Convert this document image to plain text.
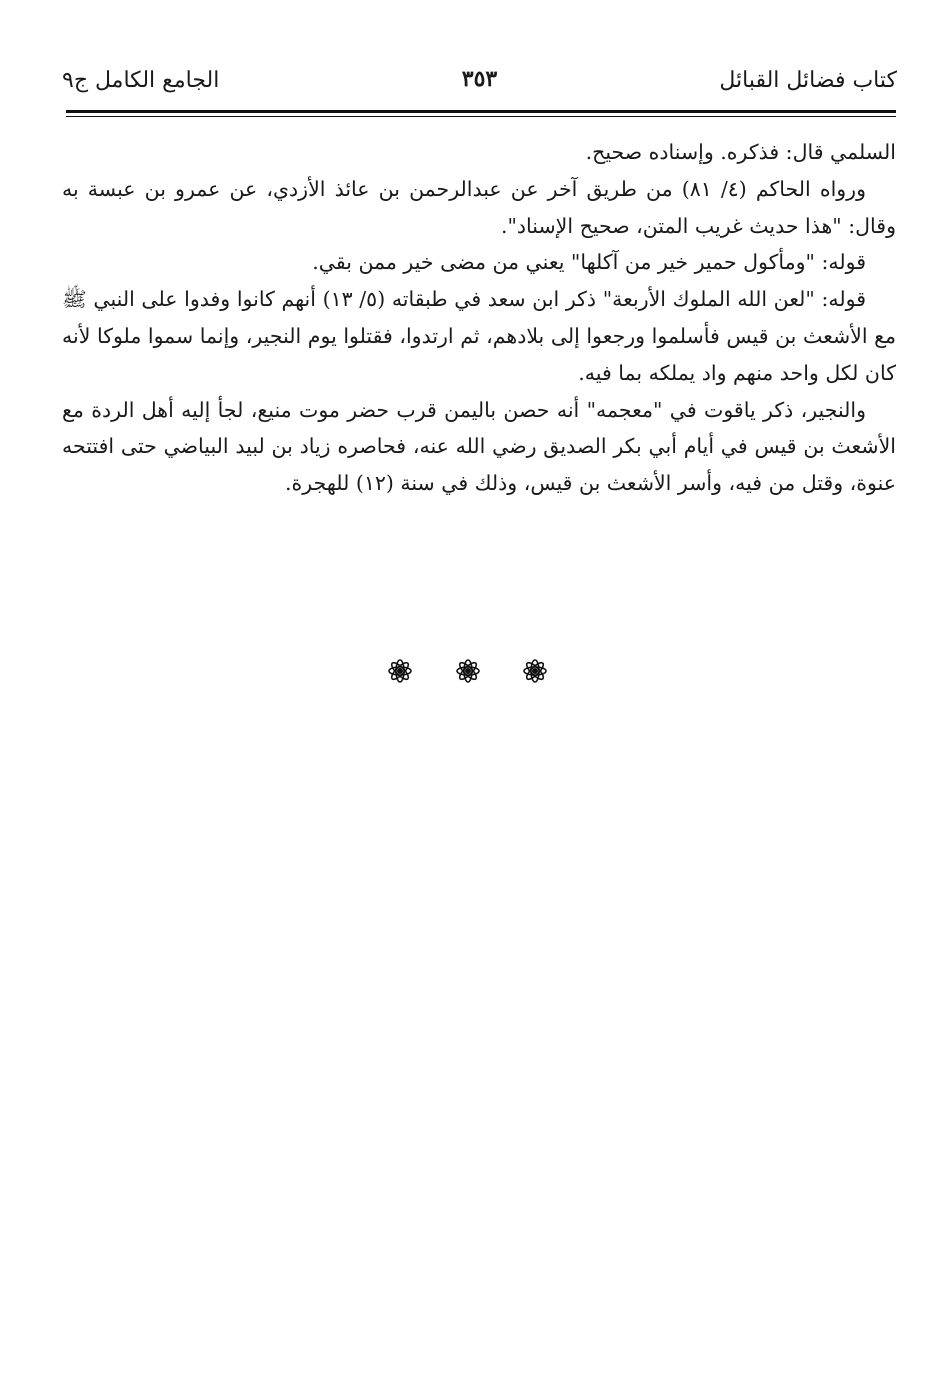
كتاب فضائل القبائل
٣٥٣
الجامع الكامل ج٩

السلمي قال: فذكره. وإسناده صحيح.

ورواه الحاكم (٤/ ٨١) من طريق آخر عن عبدالرحمن بن عائذ الأزدي، عن عمرو بن عبسة به وقال: "هذا حديث غريب المتن، صحيح الإسناد".

قوله: "ومأكول حمير خير من آكلها" يعني من مضى خير ممن بقي.

قوله: "لعن الله الملوك الأربعة" ذكر ابن سعد في طبقاته (٥/ ١٣) أنهم كانوا وفدوا على النبي ﷺ مع الأشعث بن قيس فأسلموا ورجعوا إلى بلادهم، ثم ارتدوا، فقتلوا يوم النجير، وإنما سموا ملوكا لأنه كان لكل واحد منهم واد يملكه بما فيه.

والنجير، ذكر ياقوت في "معجمه" أنه حصن باليمن قرب حضر موت منيع، لجأ إليه أهل الردة مع الأشعث بن قيس في أيام أبي بكر الصديق رضي الله عنه، فحاصره زياد بن لبيد البياضي حتى افتتحه عنوة، وقتل من فيه، وأسر الأشعث بن قيس، وذلك في سنة (١٢) للهجرة.
